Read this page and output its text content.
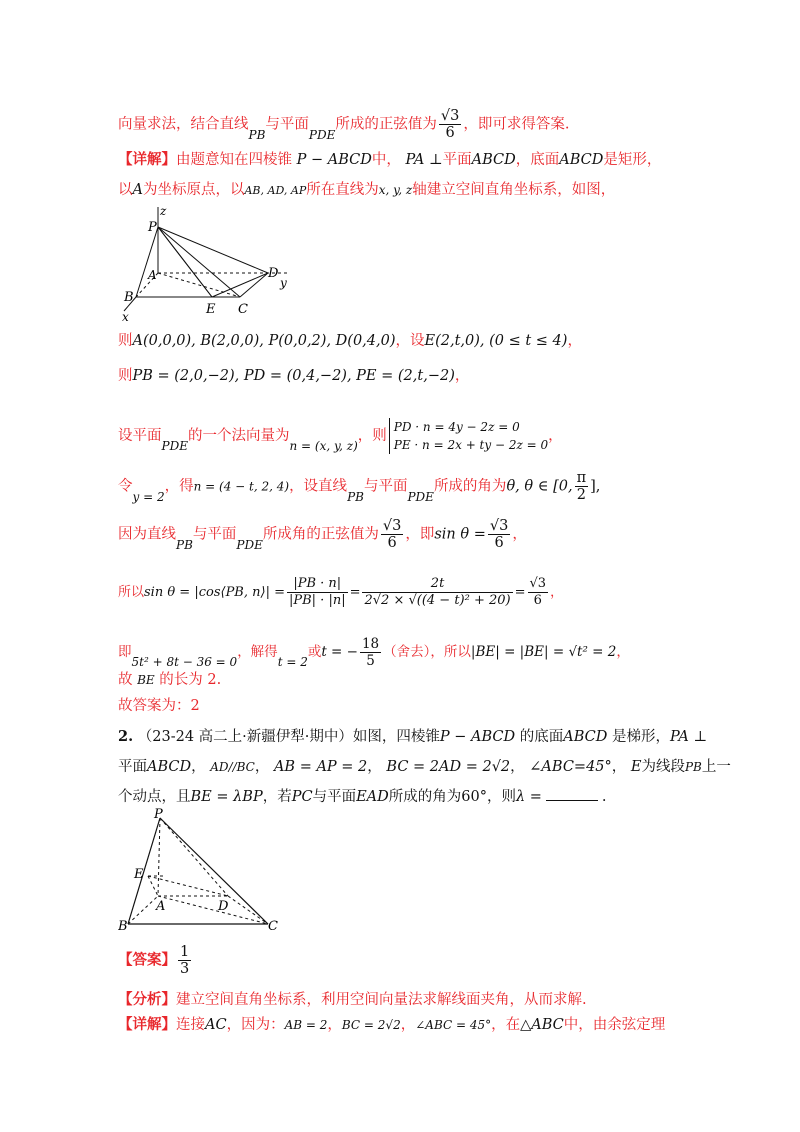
向量求法，结合直线$_{PB}$与平面$_{PDE}$所成的正弦值为 $\frac{√3}{6}$ ，即可求得答案.
【详解】由题意知在四棱锥 P − ABCD中， PA ⊥平面ABCD，底面ABCD是矩形，
以A为坐标原点，以AB, AD, AP所在直线为x, y, z轴建立空间直角坐标系，如图，
z
P
A	D
y
B
E C
x
则A(0,0,0), B(2,0,0), P(0,0,2), D(0,4,0)，设E(2,t,0), (0 ≤ t ≤ 4)，
则PB = (2,0,−2), PD = (0,4,−2), PE = (2,t,−2)，
设平面$_{PDE}$的一个法向量为$_{n = (x, y, z)}$，则
PD · n = 4y − 2z = 0
PE · n = 2x + ty − 2z = 0
，
令$_{y = 2}$，得n = (4 − t, 2, 4)，设直线$_{PB}$与平面$_{PDE}$所成的角为θ, θ ∈ [0, $\frac{\pi}{2}$ ],
因为直线$_{PB}$与平面$_{PDE}$所成角的正弦值为 $\frac{√3}{6}$ ，即$\sin \theta = \frac{√3}{6}$ ，
所以sin θ = |cos⟨PB, n⟩| = $\frac{|PB \cdot n|}{|PB| \cdot |n|} = \frac{2t}{\text{2√2 × √((4 − t)² + 20)}} = \frac{√3}{6}$ ，
即5t² + 8t − 36 = 0，解得t = 2或t = − $\frac{18}{5}$ （舍去），所以|BE| = |BE| = √t² = 2，
故 BE 的长为 2.
故答案为：2
2. （23-24 高二上·新疆伊犁·期中）如图，四棱锥P − ABCD 的底面ABCD 是梯形，PA ⊥
平面ABCD， AD//BC， AB = AP = 2， BC = 2AD = 2√2， ∠ABC=45°， E为线段PB上一
个动点，且BE = λBP，若PC与平面EAD所成的角为60°，则λ =	.
P
E
A	D
B	C
【答案】 $\frac{1}{3}$
【分析】建立空间直角坐标系，利用空间向量法求解线面夹角，从而求解.
【详解】连接AC，因为：AB = 2，BC = 2√2，∠ABC = 45°，在△ABC中，由余弦定理
